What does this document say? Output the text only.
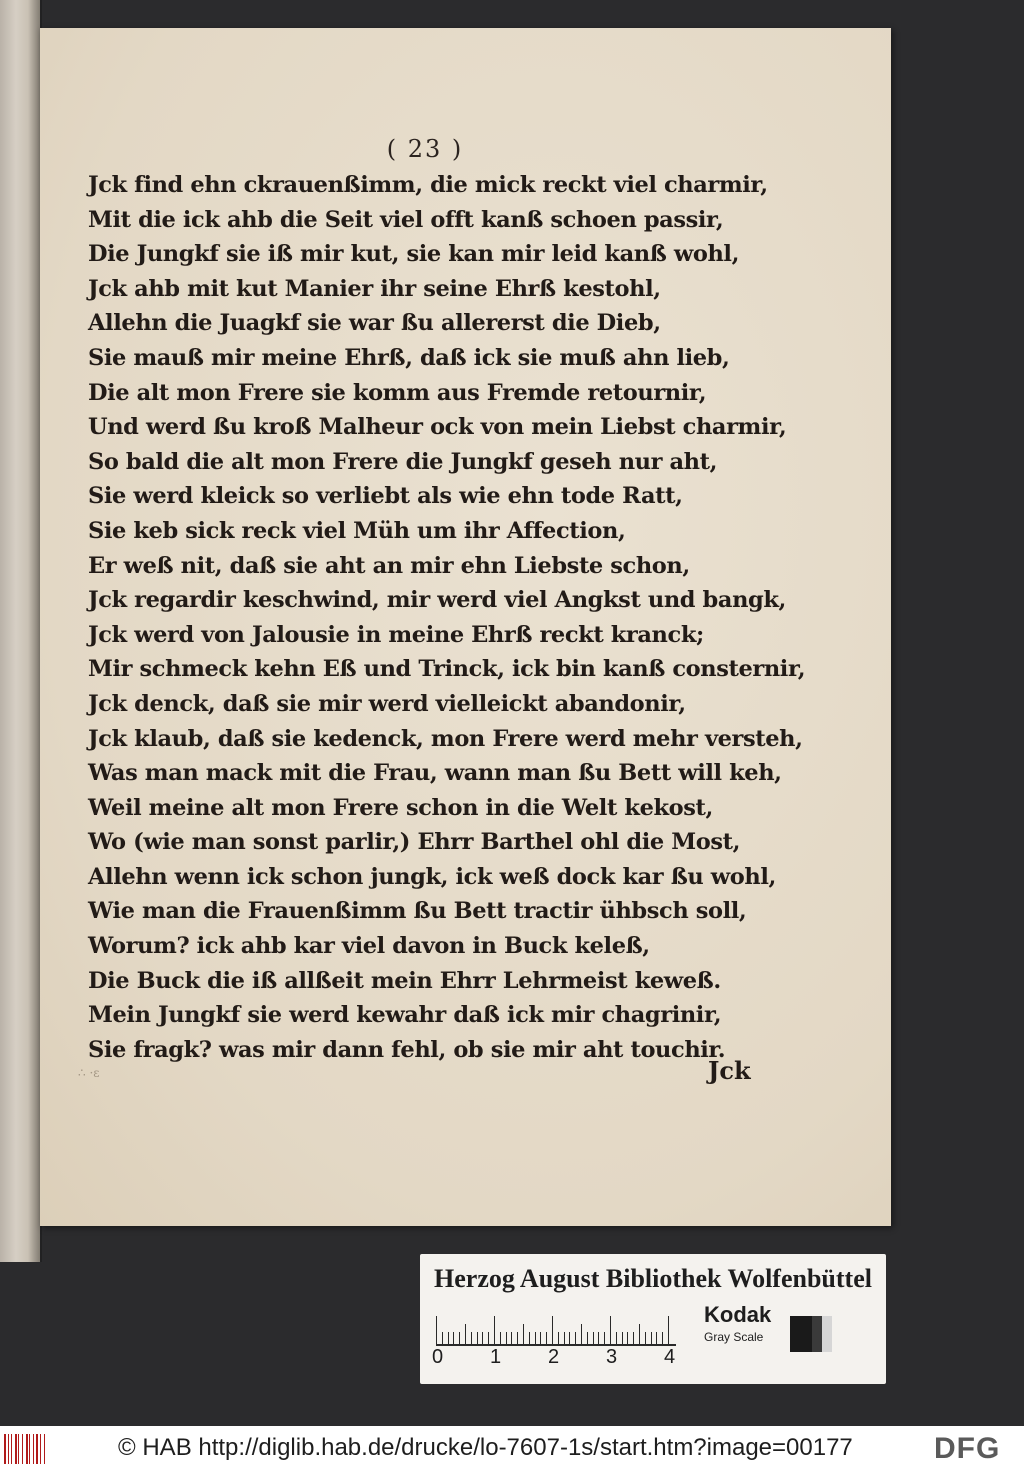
( 23 )
Jck find ehn ckrauenßimm, die mick reckt viel charmir,
Mit die ick ahb die Seit viel offt kanß schoen passir,
Die Jungkf sie iß mir kut, sie kan mir leid kanß wohl,
Jck ahb mit kut Manier ihr seine Ehrß kestohl,
Allehn die Juagkf sie war ßu allererst die Dieb,
Sie mauß mir meine Ehrß, daß ick sie muß ahn lieb,
Die alt mon Frere sie komm aus Fremde retournir,
Und werd ßu kroß Malheur ock von mein Liebst charmir,
So bald die alt mon Frere die Jungkf geseh nur aht,
Sie werd kleick so verliebt als wie ehn tode Ratt,
Sie keb sick reck viel Müh um ihr Affection,
Er weß nit, daß sie aht an mir ehn Liebste schon,
Jck regardir keschwind, mir werd viel Angkst und bangk,
Jck werd von Jalousie in meine Ehrß reckt kranck;
Mir schmeck kehn Eß und Trinck, ick bin kanß consternir,
Jck denck, daß sie mir werd vielleickt abandonir,
Jck klaub, daß sie kedenck, mon Frere werd mehr versteh,
Was man mack mit die Frau, wann man ßu Bett will keh,
Weil meine alt mon Frere schon in die Welt kekost,
Wo (wie man sonst parlir,) Ehrr Barthel ohl die Most,
Allehn wenn ick schon jungk, ick weß dock kar ßu wohl,
Wie man die Frauenßimm ßu Bett tractir ühbsch soll,
Worum? ick ahb kar viel davon in Buck keleß,
Die Buck die iß allßeit mein Ehrr Lehrmeist keweß.
Mein Jungkf sie werd kewahr daß ick mir chagrinir,
Sie fragk? was mir dann fehl, ob sie mir aht touchir.
∴ ·ɛ	Jck
Herzog August Bibliothek Wolfenbüttel
0 1 2 3 4
Kodak
Gray Scale
© HAB http://diglib.hab.de/drucke/lo-7607-1s/start.htm?image=00177	DFG
